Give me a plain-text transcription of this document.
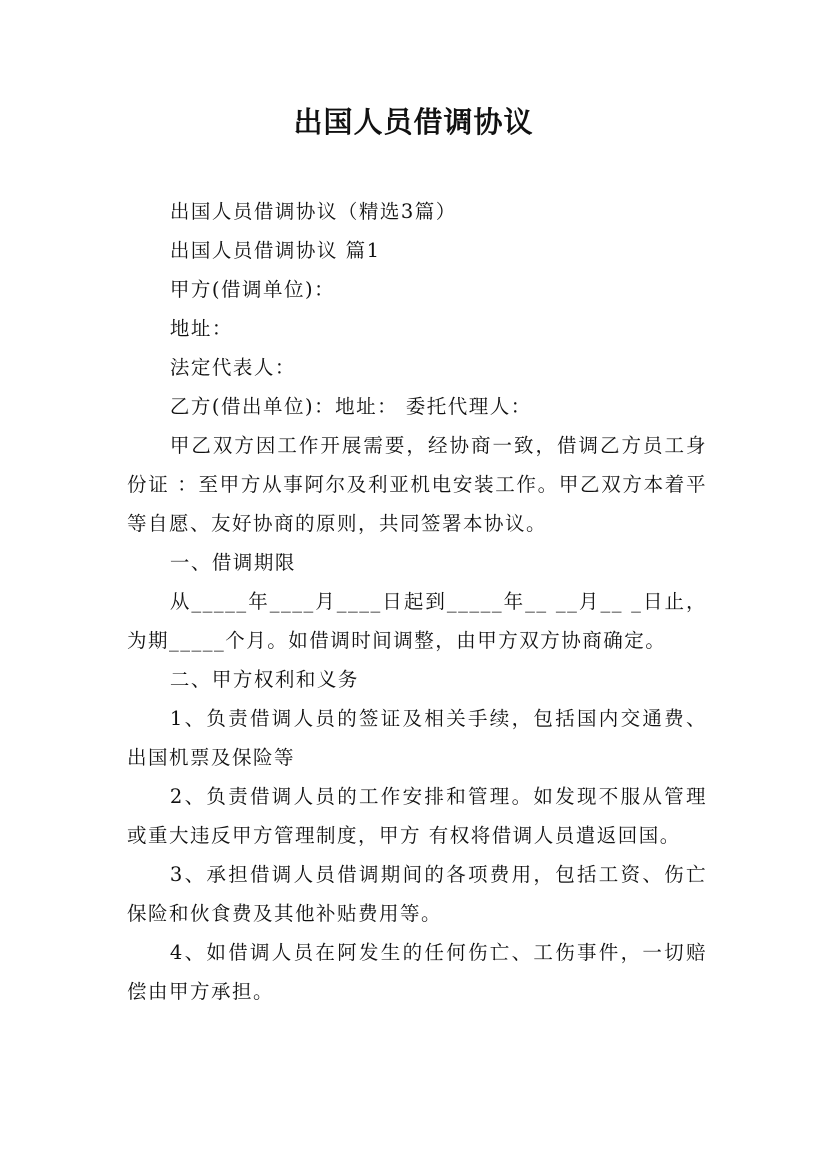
出国人员借调协议

出国人员借调协议（精选3篇）

出国人员借调协议 篇1

甲方(借调单位)：

地址：

法定代表人：

乙方(借出单位)：地址： 委托代理人：

甲乙双方因工作开展需要，经协商一致，借调乙方员工身份证 ：至甲方从事阿尔及利亚机电安装工作。甲乙双方本着平等自愿、友好协商的原则，共同签署本协议。

一、借调期限

从_____年____月____日起到_____年__ __月__ _日止，为期_____个月。如借调时间调整，由甲方双方协商确定。

二、甲方权利和义务

1、负责借调人员的签证及相关手续，包括国内交通费、出国机票及保险等

2、负责借调人员的工作安排和管理。如发现不服从管理或重大违反甲方管理制度，甲方 有权将借调人员遣返回国。

3、承担借调人员借调期间的各项费用，包括工资、伤亡保险和伙食费及其他补贴费用等。

4、如借调人员在阿发生的任何伤亡、工伤事件，一切赔偿由甲方承担。
